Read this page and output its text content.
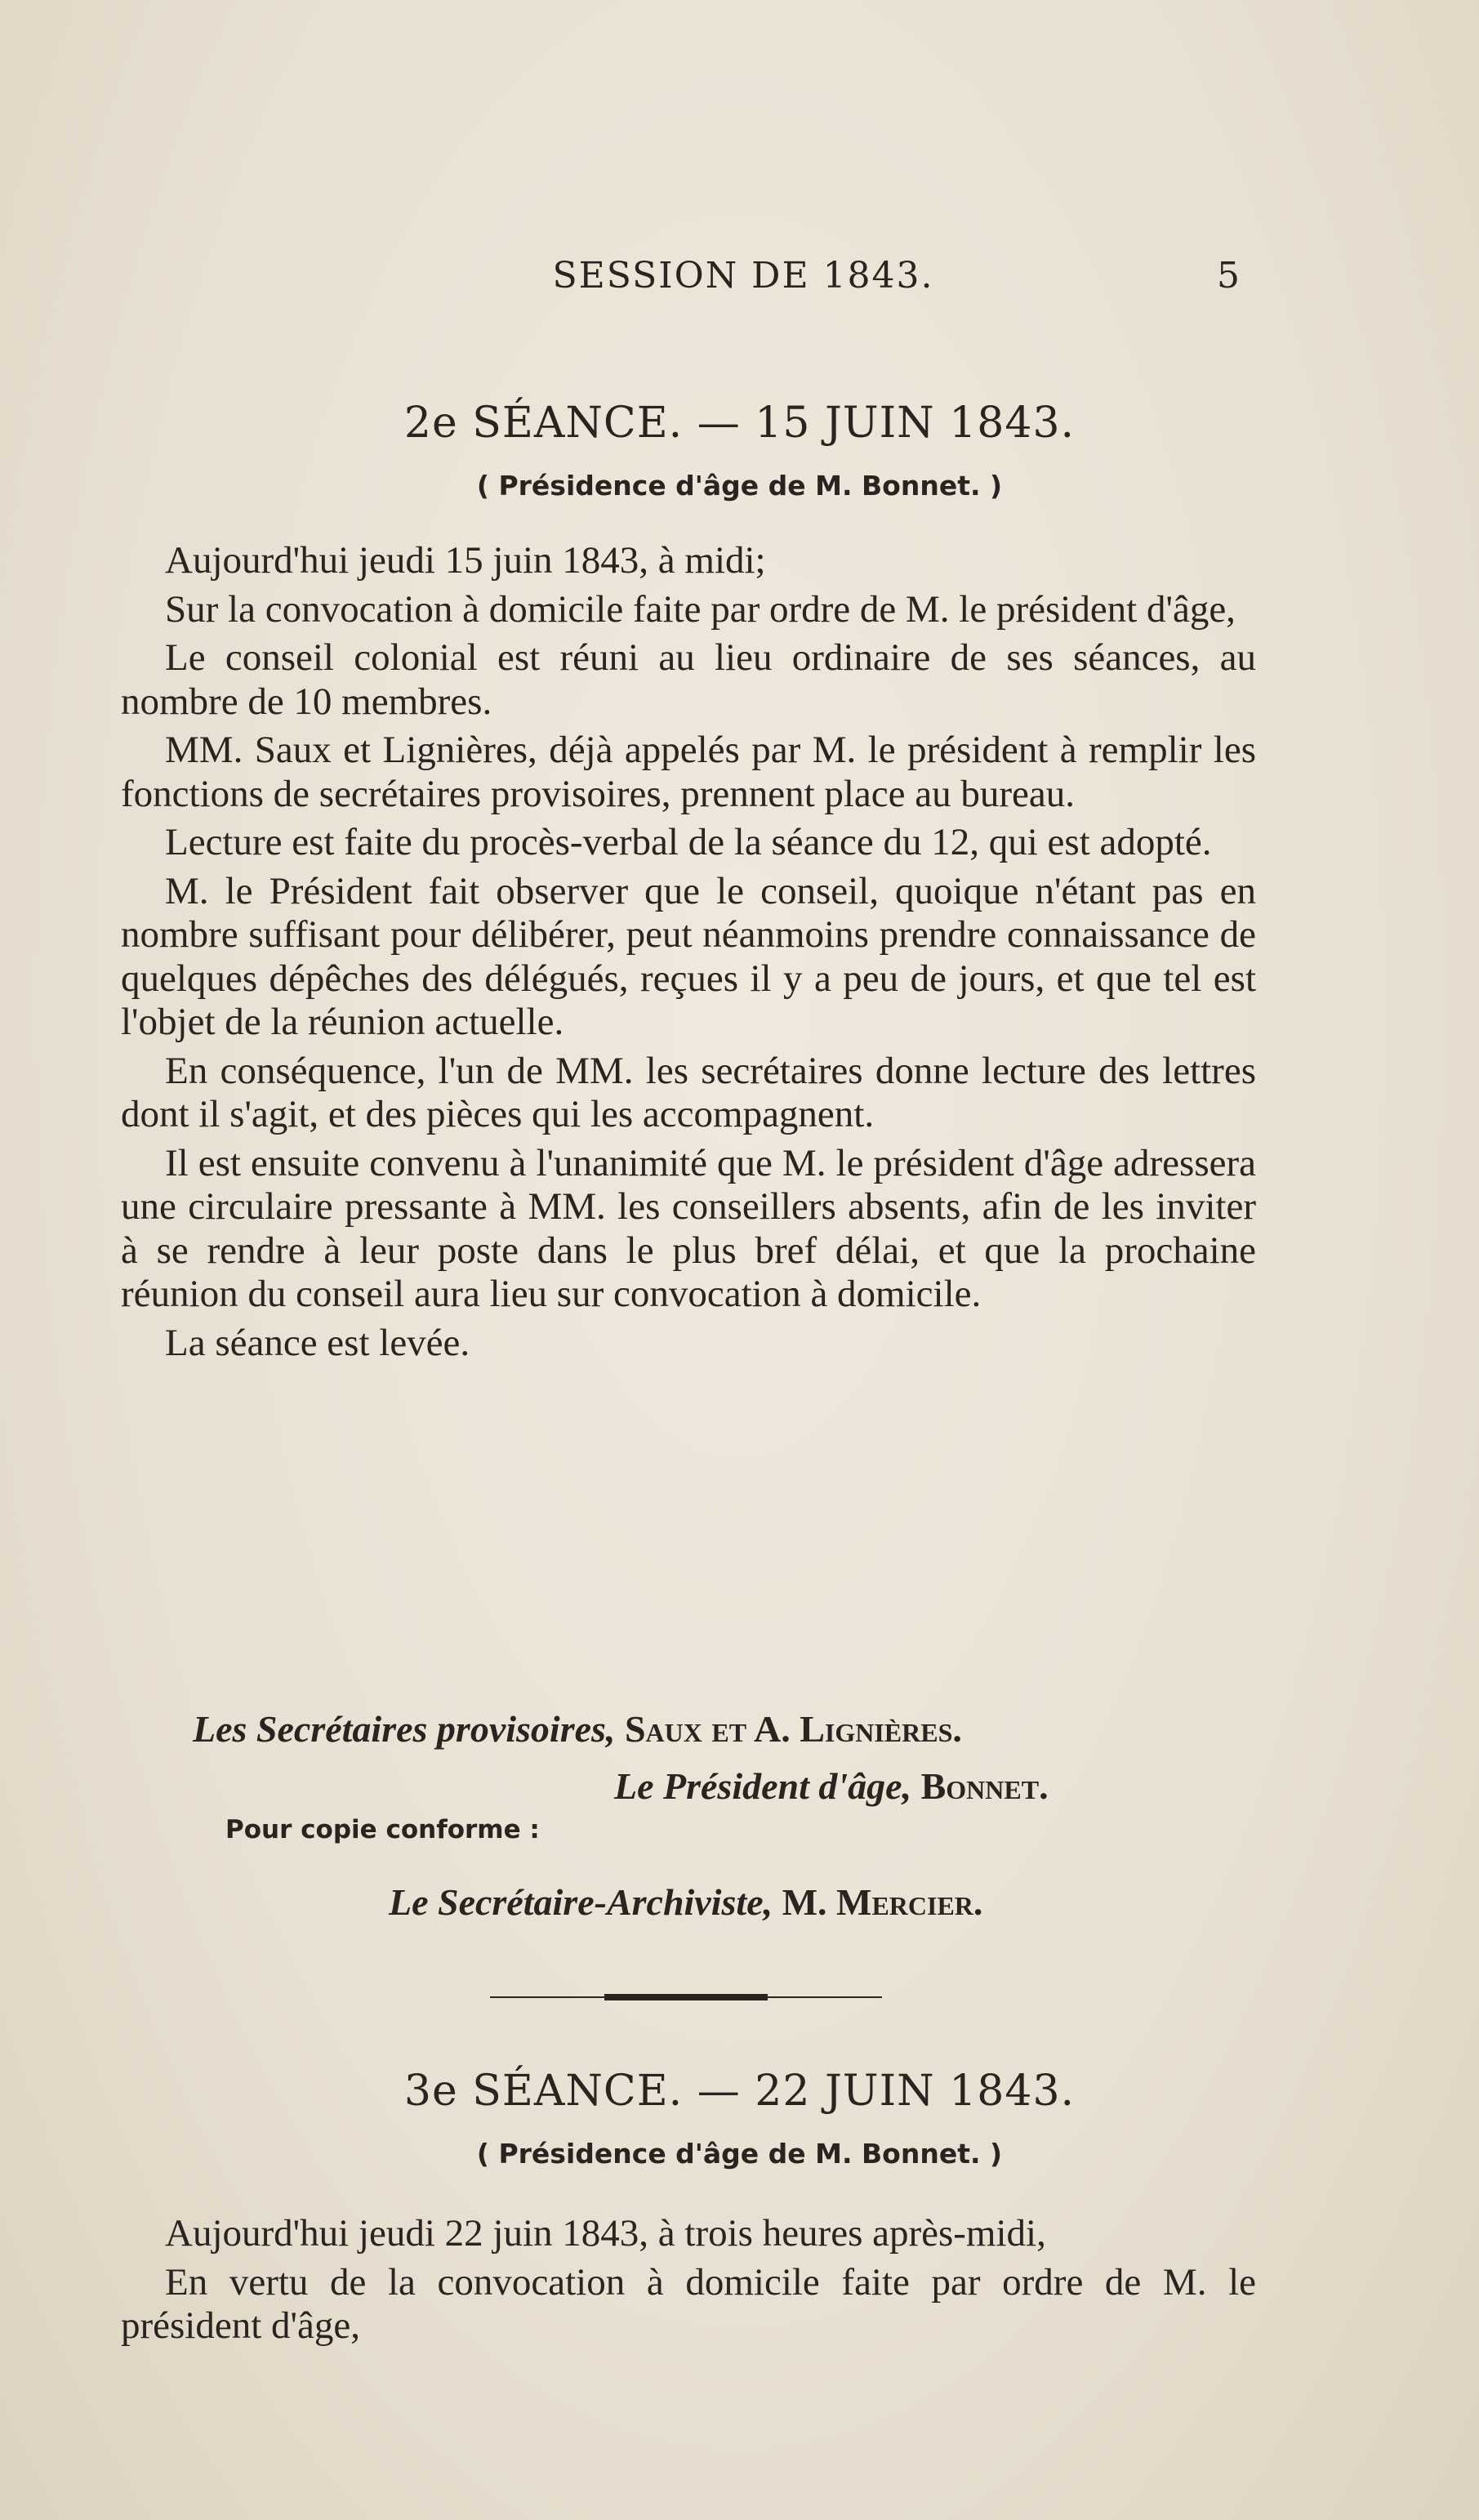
SESSION DE 1843.	5
2e SÉANCE. — 15 JUIN 1843.
( Présidence d'âge de M. Bonnet. )

Aujourd'hui jeudi 15 juin 1843, à midi;

Sur la convocation à domicile faite par ordre de M. le président d'âge,

Le conseil colonial est réuni au lieu ordinaire de ses séances, au nombre de 10 membres.

MM. Saux et Lignières, déjà appelés par M. le président à remplir les fonctions de secrétaires provisoires, prennent place au bureau.

Lecture est faite du procès-verbal de la séance du 12, qui est adopté.

M. le Président fait observer que le conseil, quoique n'étant pas en nombre suffisant pour délibérer, peut néanmoins prendre connaissance de quelques dépêches des délégués, reçues il y a peu de jours, et que tel est l'objet de la réunion actuelle.

En conséquence, l'un de MM. les secrétaires donne lecture des lettres dont il s'agit, et des pièces qui les accompagnent.

Il est ensuite convenu à l'unanimité que M. le président d'âge adressera une circulaire pressante à MM. les conseillers absents, afin de les inviter à se rendre à leur poste dans le plus bref délai, et que la prochaine réunion du conseil aura lieu sur convocation à domicile.

La séance est levée.

Les Secrétaires provisoires, Saux et A. Lignières.
Le Président d'âge, Bonnet.
Pour copie conforme :
Le Secrétaire-Archiviste, M. Mercier.
3e SÉANCE. — 22 JUIN 1843.
( Présidence d'âge de M. Bonnet. )

Aujourd'hui jeudi 22 juin 1843, à trois heures après-midi,

En vertu de la convocation à domicile faite par ordre de M. le président d'âge,
